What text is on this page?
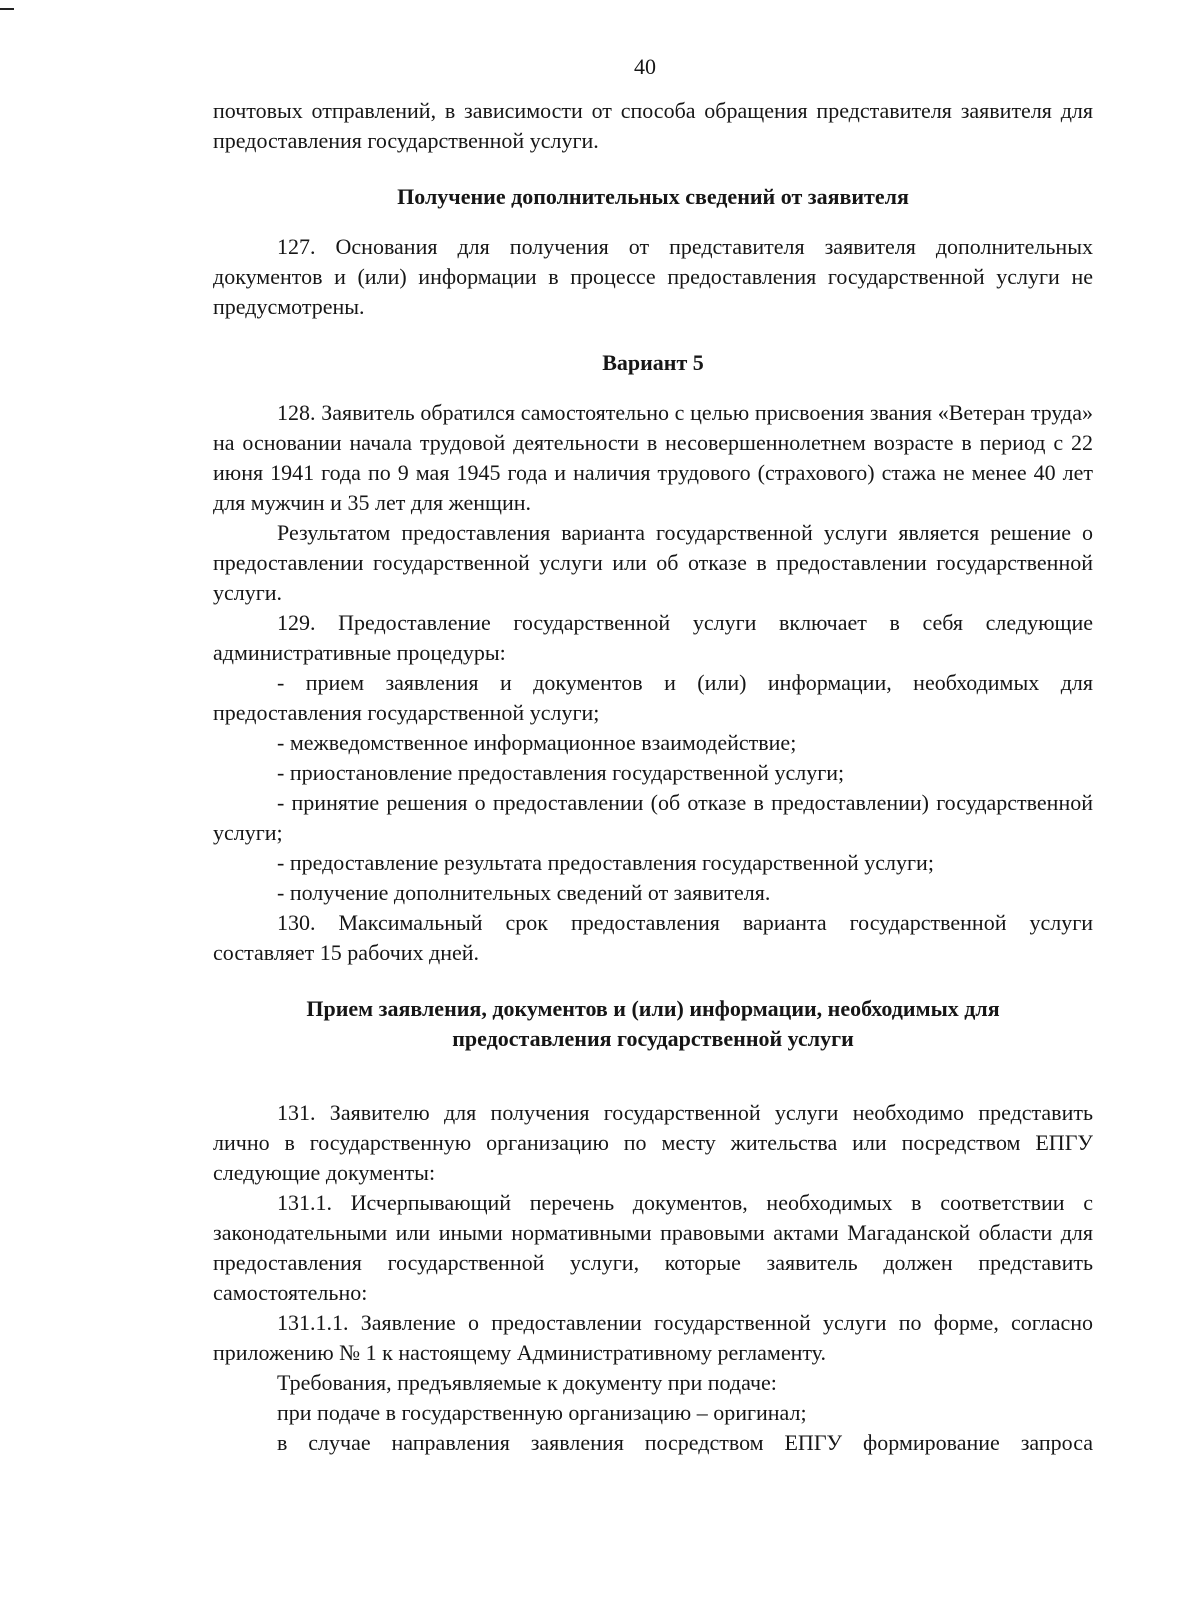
40

почтовых отправлений, в зависимости от способа обращения представителя заявителя для предоставления государственной услуги.

Получение дополнительных сведений от заявителя

127. Основания для получения от представителя заявителя дополнительных документов и (или) информации в процессе предоставления государственной услуги не предусмотрены.

Вариант 5

128. Заявитель обратился самостоятельно с целью присвоения звания «Ветеран труда» на основании начала трудовой деятельности в несовершеннолетнем возрасте в период с 22 июня 1941 года по 9 мая 1945 года и наличия трудового (страхового) стажа не менее 40 лет для мужчин и 35 лет для женщин.

Результатом предоставления варианта государственной услуги является решение о предоставлении государственной услуги или об отказе в предоставлении государственной услуги.

129. Предоставление государственной услуги включает в себя следующие административные процедуры:

- прием заявления и документов и (или) информации, необходимых для предоставления государственной услуги;

- межведомственное информационное взаимодействие;

- приостановление предоставления государственной услуги;

- принятие решения о предоставлении (об отказе в предоставлении) государственной услуги;

- предоставление результата предоставления государственной услуги;

- получение дополнительных сведений от заявителя.

130. Максимальный срок предоставления варианта государственной услуги составляет 15 рабочих дней.

Прием заявления, документов и (или) информации, необходимых для

предоставления государственной услуги

131. Заявителю для получения государственной услуги необходимо представить лично в государственную организацию по месту жительства или посредством ЕПГУ следующие документы:

131.1. Исчерпывающий перечень документов, необходимых в соответствии с законодательными или иными нормативными правовыми актами Магаданской области для предоставления государственной услуги, которые заявитель должен представить самостоятельно:

131.1.1. Заявление о предоставлении государственной услуги по форме, согласно приложению № 1 к настоящему Административному регламенту.

Требования, предъявляемые к документу при подаче:

при подаче в государственную организацию – оригинал;

в случае направления заявления посредством ЕПГУ формирование запроса
